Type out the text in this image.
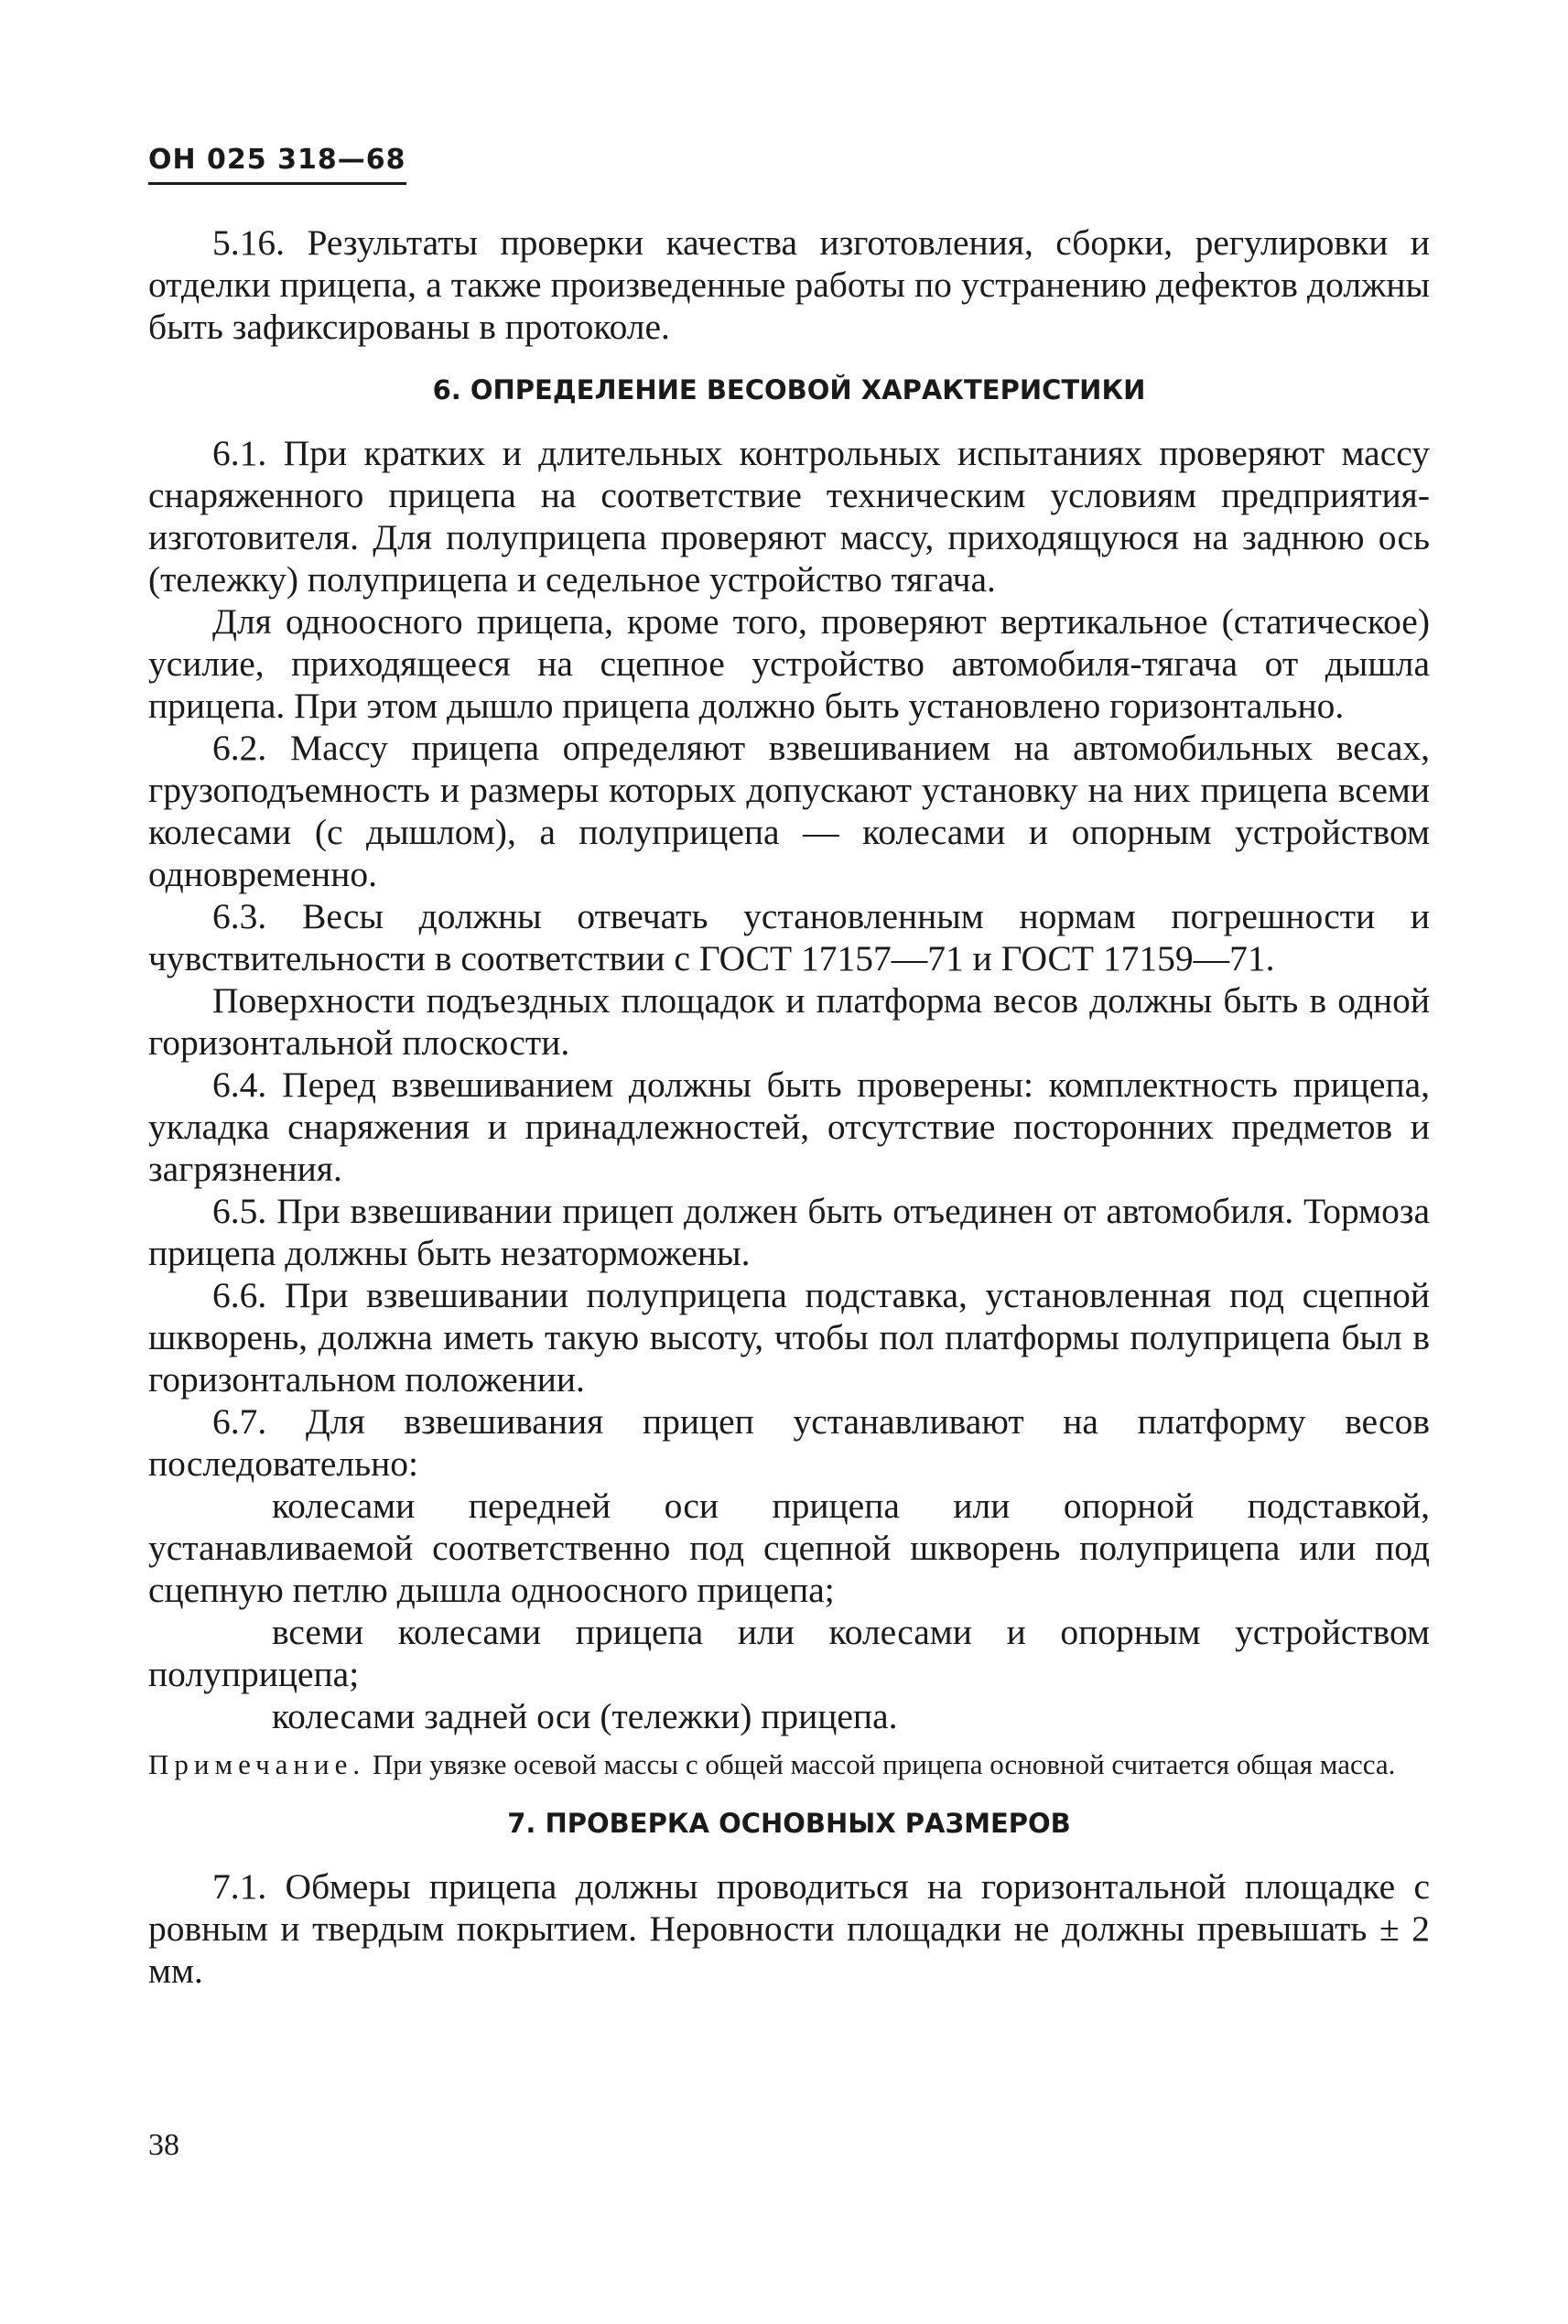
ОН 025 318—68

5.16. Результаты проверки качества изготовления, сборки, регулировки и отделки прицепа, а также произведенные работы по устранению дефектов должны быть зафиксированы в протоколе.

6. ОПРЕДЕЛЕНИЕ ВЕСОВОЙ ХАРАКТЕРИСТИКИ

6.1. При кратких и длительных контрольных испытаниях проверяют массу снаряженного прицепа на соответствие техническим условиям предприятия-изготовителя. Для полуприцепа проверяют массу, приходящуюся на заднюю ось (тележку) полуприцепа и седельное устройство тягача.

Для одноосного прицепа, кроме того, проверяют вертикальное (статическое) усилие, приходящееся на сцепное устройство автомобиля-тягача от дышла прицепа. При этом дышло прицепа должно быть установлено горизонтально.

6.2. Массу прицепа определяют взвешиванием на автомобильных весах, грузоподъемность и размеры которых допускают установку на них прицепа всеми колесами (с дышлом), а полуприцепа — колесами и опорным устройством одновременно.

6.3. Весы должны отвечать установленным нормам погрешности и чувствительности в соответствии с ГОСТ 17157—71 и ГОСТ 17159—71.

Поверхности подъездных площадок и платформа весов должны быть в одной горизонтальной плоскости.

6.4. Перед взвешиванием должны быть проверены: комплектность прицепа, укладка снаряжения и принадлежностей, отсутствие посторонних предметов и загрязнения.

6.5. При взвешивании прицеп должен быть отъединен от автомобиля. Тормоза прицепа должны быть незаторможены.

6.6. При взвешивании полуприцепа подставка, установленная под сцепной шкворень, должна иметь такую высоту, чтобы пол платформы полуприцепа был в горизонтальном положении.

6.7. Для взвешивания прицеп устанавливают на платформу весов последовательно:

колесами передней оси прицепа или опорной подставкой, устанавливаемой соответственно под сцепной шкворень полуприцепа или под сцепную петлю дышла одноосного прицепа;

всеми колесами прицепа или колесами и опорным устройством полуприцепа;

колесами задней оси (тележки) прицепа.

Примечание. При увязке осевой массы с общей массой прицепа основной считается общая масса.
7. ПРОВЕРКА ОСНОВНЫХ РАЗМЕРОВ

7.1. Обмеры прицепа должны проводиться на горизонтальной площадке с ровным и твердым покрытием. Неровности площадки не должны превышать ± 2 мм.

38
